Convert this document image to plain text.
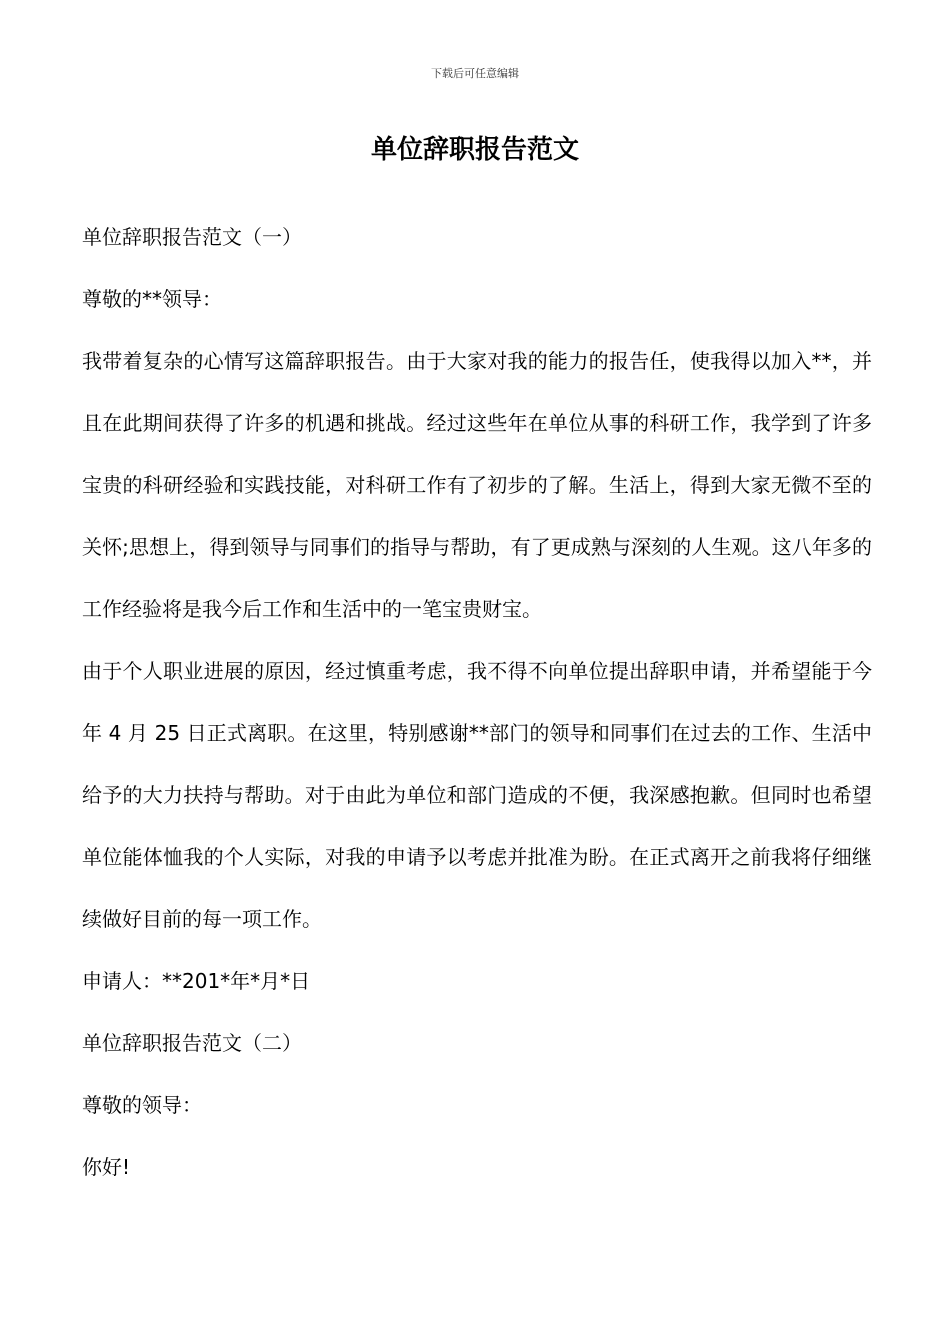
下载后可任意编辑
单位辞职报告范文

单位辞职报告范文（一）

尊敬的**领导：

我带着复杂的心情写这篇辞职报告。由于大家对我的能力的报告任，使我得以加入**，并且在此期间获得了许多的机遇和挑战。经过这些年在单位从事的科研工作，我学到了许多宝贵的科研经验和实践技能，对科研工作有了初步的了解。生活上，得到大家无微不至的关怀;思想上，得到领导与同事们的指导与帮助，有了更成熟与深刻的人生观。这八年多的工作经验将是我今后工作和生活中的一笔宝贵财宝。

由于个人职业进展的原因，经过慎重考虑，我不得不向单位提出辞职申请，并希望能于今年 4 月 25 日正式离职。在这里，特别感谢**部门的领导和同事们在过去的工作、生活中给予的大力扶持与帮助。对于由此为单位和部门造成的不便，我深感抱歉。但同时也希望单位能体恤我的个人实际，对我的申请予以考虑并批准为盼。在正式离开之前我将仔细继续做好目前的每一项工作。

申请人：**201*年*月*日

单位辞职报告范文（二）

尊敬的领导：

你好!
